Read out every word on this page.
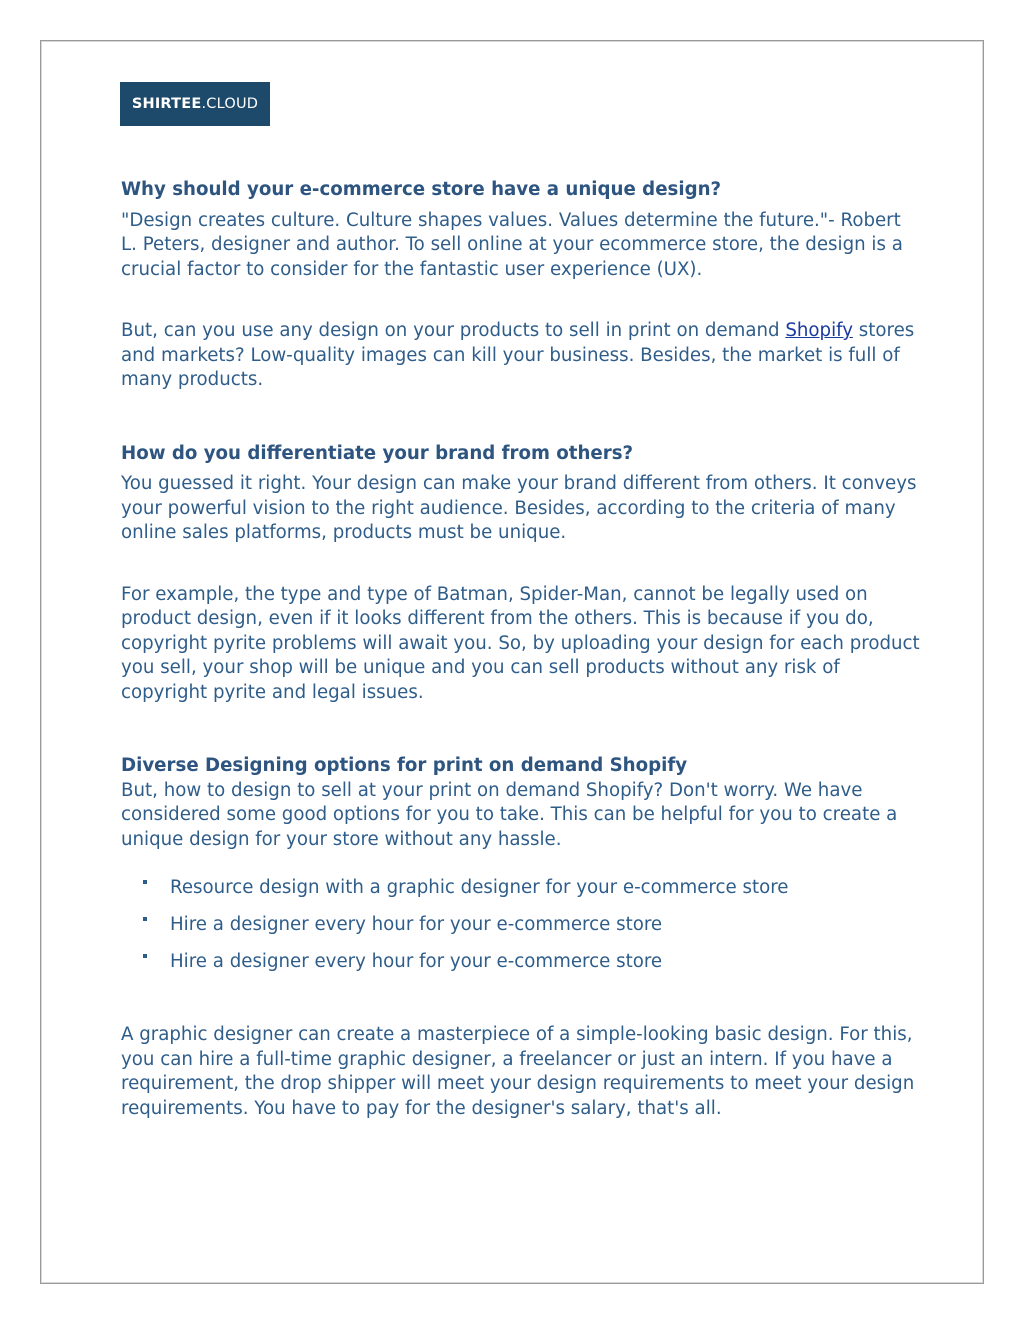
SHIRTEE .CLOUD

Why should your e-commerce store have a unique design?

"Design creates culture. Culture shapes values. Values determine the future."- Robert L. Peters, designer and author. To sell online at your ecommerce store, the design is a crucial factor to consider for the fantastic user experience (UX).

But, can you use any design on your products to sell in print on demand Shopify stores and markets? Low-quality images can kill your business. Besides, the market is full of many products.

How do you differentiate your brand from others?

You guessed it right. Your design can make your brand different from others. It conveys your powerful vision to the right audience. Besides, according to the criteria of many online sales platforms, products must be unique.

For example, the type and type of Batman, Spider-Man, cannot be legally used on product design, even if it looks different from the others. This is because if you do, copyright pyrite problems will await you. So, by uploading your design for each product you sell, your shop will be unique and you can sell products without any risk of copyright pyrite and legal issues.

Diverse Designing options for print on demand Shopify

But, how to design to sell at your print on demand Shopify? Don't worry. We have considered some good options for you to take. This can be helpful for you to create a unique design for your store without any hassle.

Resource design with a graphic designer for your e-commerce store
Hire a designer every hour for your e-commerce store
Hire a designer every hour for your e-commerce store

A graphic designer can create a masterpiece of a simple-looking basic design. For this, you can hire a full-time graphic designer, a freelancer or just an intern. If you have a requirement, the drop shipper will meet your design requirements to meet your design requirements. You have to pay for the designer's salary, that's all.
